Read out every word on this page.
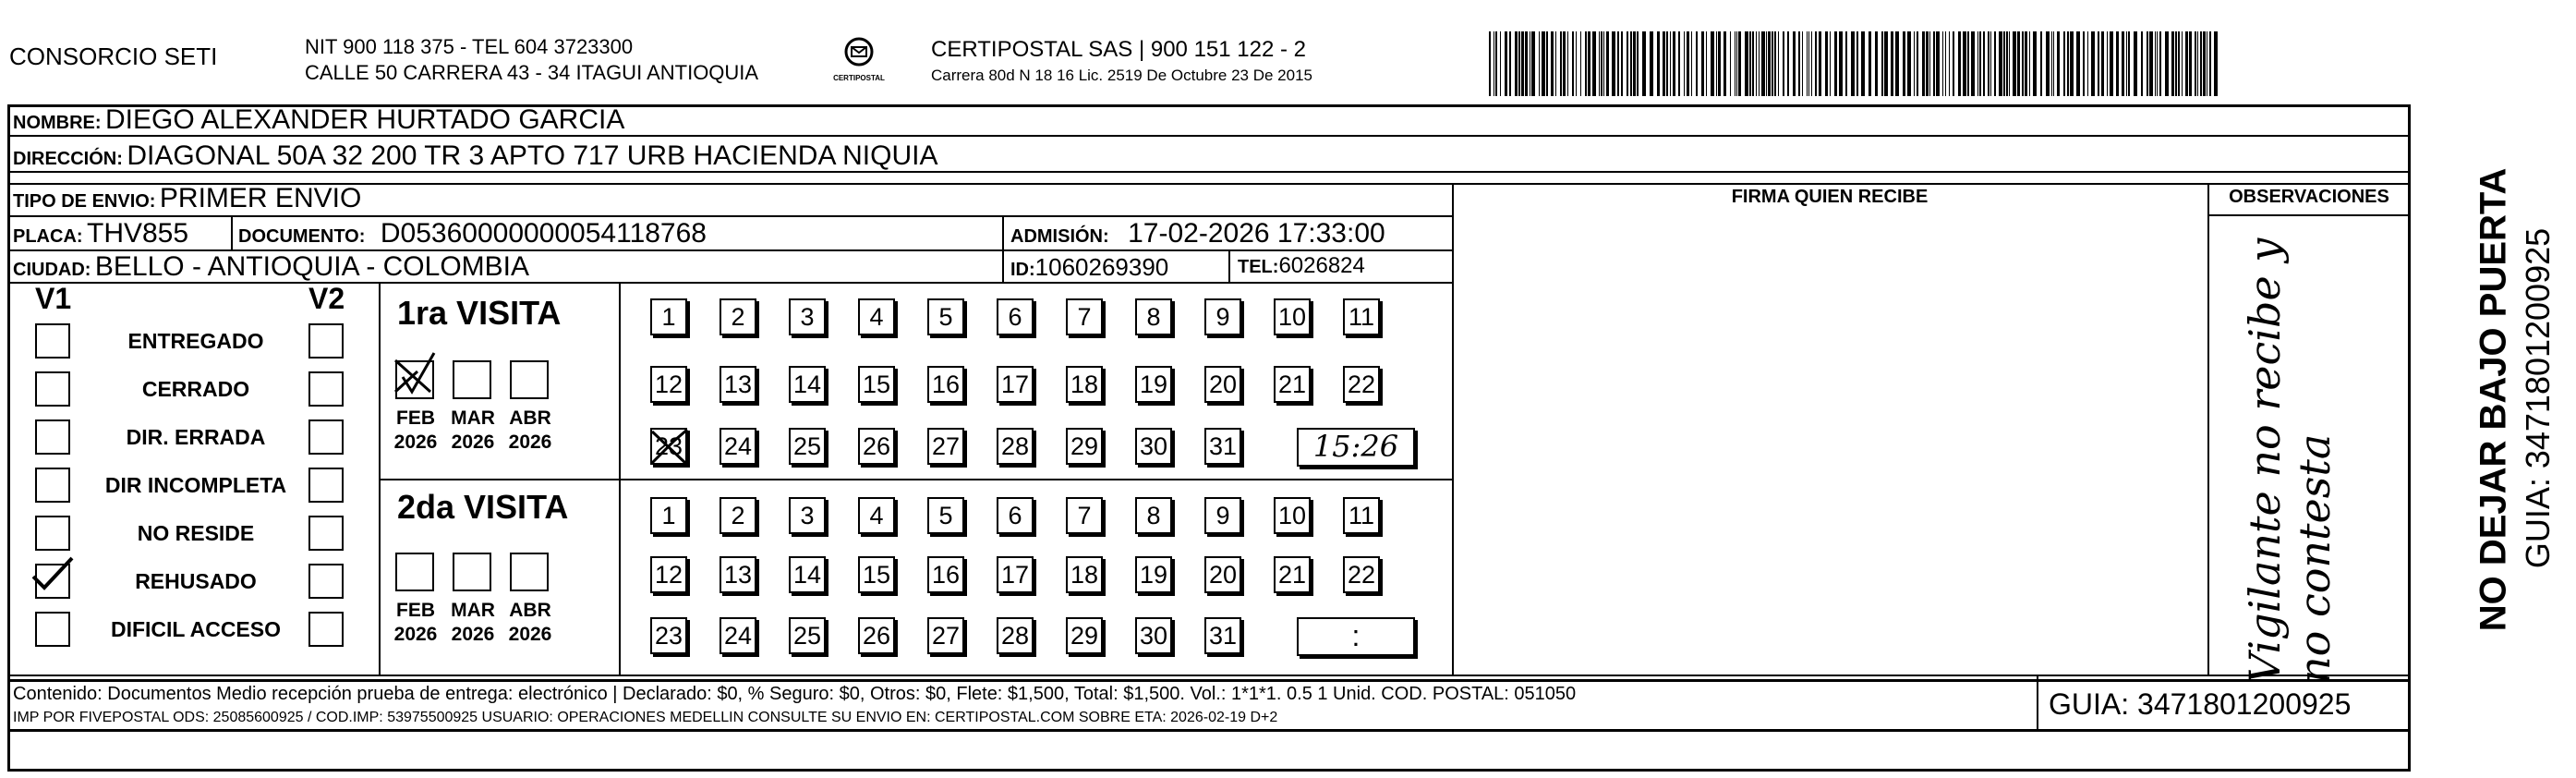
CONSORCIO SETI	NIT 900 118 375 - TEL 604 3723300
CALLE 50 CARRERA 43 - 34 ITAGUI ANTIOQUIA	CERTIPOSTAL
CERTIPOSTAL SAS | 900 151 122 - 2
Carrera 80d N 18 16 Lic. 2519 De Octubre 23 De 2015
NOMBRE: DIEGO ALEXANDER HURTADO GARCIA
DIRECCIÓN: DIAGONAL 50A 32 200 TR 3 APTO 717 URB HACIENDA NIQUIA
TIPO DE ENVIO: PRIMER ENVIO
PLACA: THV855	DOCUMENTO: D05360000000054118768	ADMISIÓN: 17-02-2026 17:33:00
CIUDAD: BELLO - ANTIOQUIA - COLOMBIA	ID:1060269390	TEL:6026824
FIRMA QUIEN RECIBE	OBSERVACIONES
V1	V2
ENTREGADO
CERRADO
DIR. ERRADA
DIR INCOMPLETA
NO RESIDE
REHUSADO
DIFICIL ACCESO
1ra VISITA
FEB
2026
MAR
2026
ABR
2026
1	2	3	4	5	6	7	8	9	10 11
12 13 14 15 16 17 18 19 20 21 22
23 24 25 26 27 28 29 30 31	15:26
2da VISITA
FEB
2026
MAR
2026
ABR
2026
1	2	3	4	5	6	7	8	9	10 11
12 13 14 15 16 17 18 19 20 21 22
23 24 25 26 27 28 29 30 31	:	Vigilante no recibe y no contesta
Contenido: Documentos Medio recepción prueba de entrega: electrónico | Declarado: $0, % Seguro: $0, Otros: $0, Flete: $1,500, Total: $1,500. Vol.: 1*1*1. 0.5 1 Unid. COD. POSTAL: 051050
IMP POR FIVEPOSTAL ODS: 25085600925 / COD.IMP: 53975500925 USUARIO: OPERACIONES MEDELLIN CONSULTE SU ENVIO EN: CERTIPOSTAL.COM SOBRE ETA: 2026-02-19 D+2	GUIA: 3471801200925
NO DEJAR BAJO PUERTA GUIA: 3471801200925
